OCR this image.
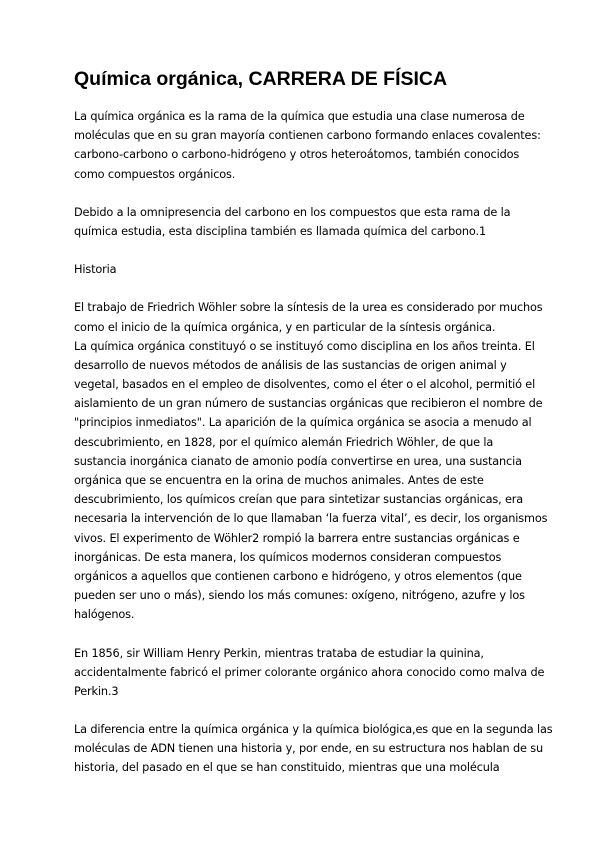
Química orgánica, CARRERA DE FÍSICA
La química orgánica es la rama de la química que estudia una clase numerosa de
moléculas que en su gran mayoría contienen carbono formando enlaces covalentes:
carbono-carbono o carbono-hidrógeno y otros heteroátomos, también conocidos
como compuestos orgánicos.
Debido a la omnipresencia del carbono en los compuestos que esta rama de la
química estudia, esta disciplina también es llamada química del carbono.1
Historia
El trabajo de Friedrich Wöhler sobre la síntesis de la urea es considerado por muchos
como el inicio de la química orgánica, y en particular de la síntesis orgánica.
La química orgánica constituyó o se instituyó como disciplina en los años treinta. El
desarrollo de nuevos métodos de análisis de las sustancias de origen animal y
vegetal, basados en el empleo de disolventes, como el éter o el alcohol, permitió el
aislamiento de un gran número de sustancias orgánicas que recibieron el nombre de
"principios inmediatos". La aparición de la química orgánica se asocia a menudo al
descubrimiento, en 1828, por el químico alemán Friedrich Wöhler, de que la
sustancia inorgánica cianato de amonio podía convertirse en urea, una sustancia
orgánica que se encuentra en la orina de muchos animales. Antes de este
descubrimiento, los químicos creían que para sintetizar sustancias orgánicas, era
necesaria la intervención de lo que llamaban ‘la fuerza vital’, es decir, los organismos
vivos. El experimento de Wöhler2 rompió la barrera entre sustancias orgánicas e
inorgánicas. De esta manera, los químicos modernos consideran compuestos
orgánicos a aquellos que contienen carbono e hidrógeno, y otros elementos (que
pueden ser uno o más), siendo los más comunes: oxígeno, nitrógeno, azufre y los
halógenos.
En 1856, sir William Henry Perkin, mientras trataba de estudiar la quinina,
accidentalmente fabricó el primer colorante orgánico ahora conocido como malva de
Perkin.3
La diferencia entre la química orgánica y la química biológica,es que en la segunda las
moléculas de ADN tienen una historia y, por ende, en su estructura nos hablan de su
historia, del pasado en el que se han constituido, mientras que una molécula
